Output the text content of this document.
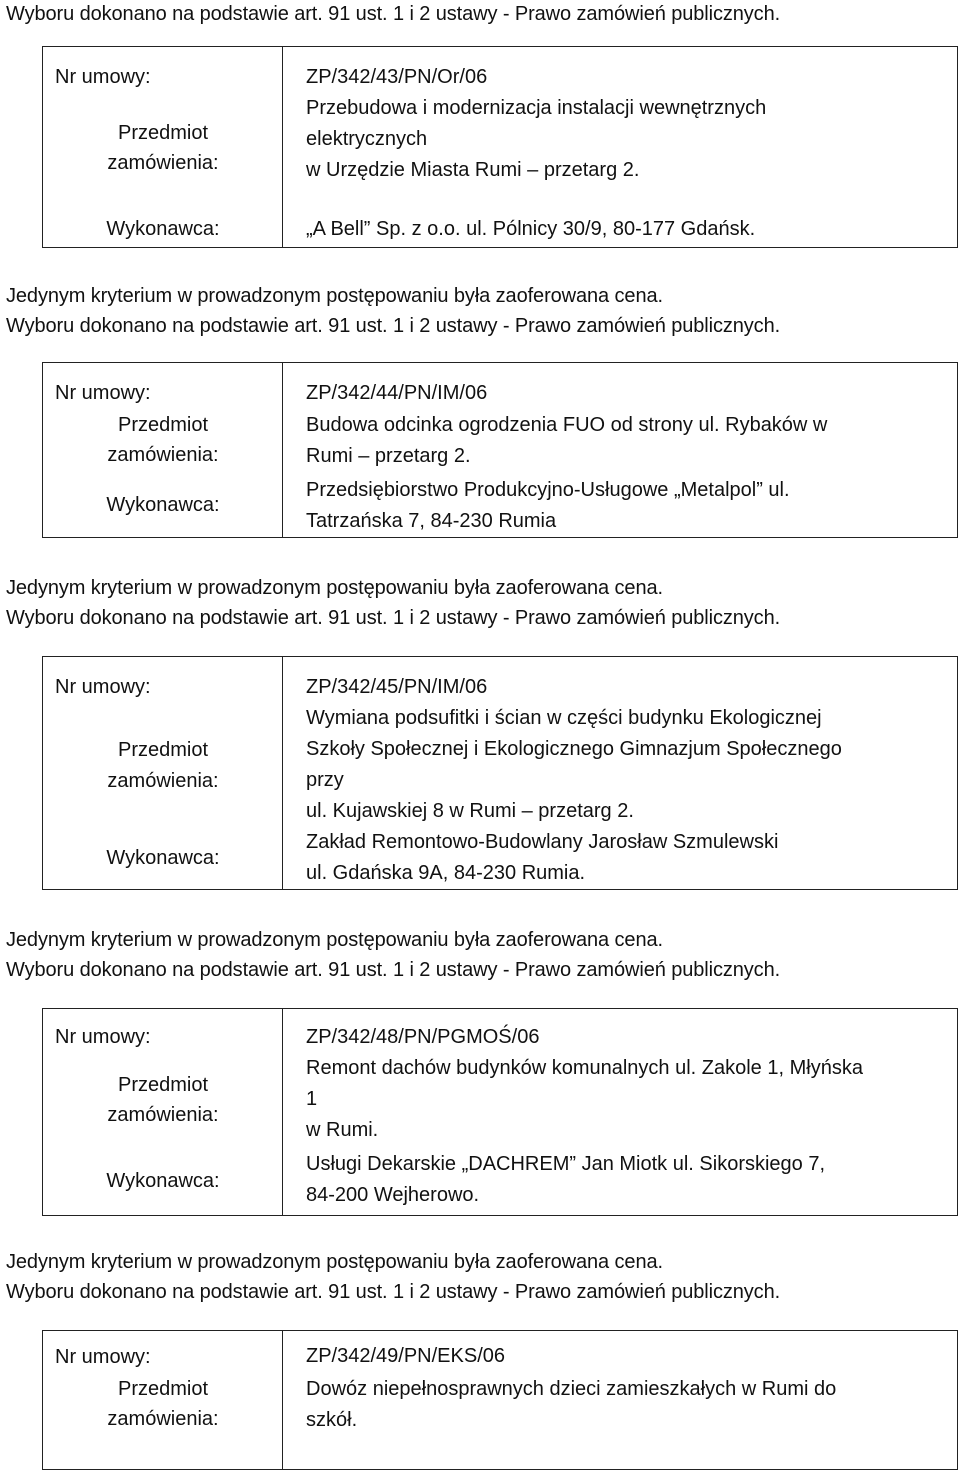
Wyboru dokonano na podstawie art. 91 ust. 1 i 2 ustawy - Prawo zamówień publicznych.
Nr umowy:
Przedmiot
zamówienia:
Wykonawca:
ZP/342/43/PN/Or/06
Przebudowa i modernizacja instalacji wewnętrznych
elektrycznych
w Urzędzie Miasta Rumi – przetarg 2.
„A Bell” Sp. z o.o. ul. Pólnicy 30/9, 80-177 Gdańsk.
Jedynym kryterium w prowadzonym postępowaniu była zaoferowana cena.
Wyboru dokonano na podstawie art. 91 ust. 1 i 2 ustawy - Prawo zamówień publicznych.
Nr umowy:
Przedmiot
zamówienia:
Wykonawca:
ZP/342/44/PN/IM/06
Budowa odcinka ogrodzenia FUO od strony ul. Rybaków w
Rumi – przetarg 2.
Przedsiębiorstwo Produkcyjno-Usługowe „Metalpol” ul.
Tatrzańska 7, 84-230 Rumia
Jedynym kryterium w prowadzonym postępowaniu była zaoferowana cena.
Wyboru dokonano na podstawie art. 91 ust. 1 i 2 ustawy - Prawo zamówień publicznych.
Nr umowy:
Przedmiot
zamówienia:
Wykonawca:
ZP/342/45/PN/IM/06
Wymiana podsufitki i ścian w części budynku Ekologicznej
Szkoły Społecznej i Ekologicznego Gimnazjum Społecznego
przy
ul. Kujawskiej 8 w Rumi – przetarg 2.
Zakład Remontowo-Budowlany Jarosław Szmulewski
ul. Gdańska 9A, 84-230 Rumia.
Jedynym kryterium w prowadzonym postępowaniu była zaoferowana cena.
Wyboru dokonano na podstawie art. 91 ust. 1 i 2 ustawy - Prawo zamówień publicznych.
Nr umowy:
Przedmiot
zamówienia:
Wykonawca:
ZP/342/48/PN/PGMOŚ/06
Remont dachów budynków komunalnych ul. Zakole 1, Młyńska
1
w Rumi.
Usługi Dekarskie „DACHREM” Jan Miotk ul. Sikorskiego 7,
84-200 Wejherowo.
Jedynym kryterium w prowadzonym postępowaniu była zaoferowana cena.
Wyboru dokonano na podstawie art. 91 ust. 1 i 2 ustawy - Prawo zamówień publicznych.
Nr umowy:
Przedmiot
zamówienia:
ZP/342/49/PN/EKS/06
Dowóz niepełnosprawnych dzieci zamieszkałych w Rumi do
szkół.
